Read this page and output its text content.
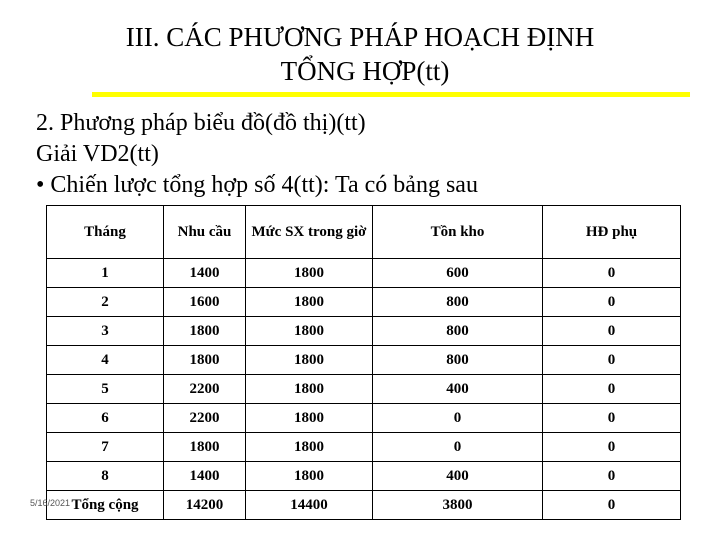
III. CÁC PHƯƠNG PHÁP HOẠCH ĐỊNH
TỔNG HỢP(tt)
2. Phương pháp biểu đồ(đồ thị)(tt)
Giải VD2(tt)
• Chiến lược tổng hợp số 4(tt): Ta có bảng sau
Tháng	Nhu cầu	Mức SX trong giờ	Tồn kho	HĐ phụ
1	1400	1800	600	0
2	1600	1800	800	0
3	1800	1800	800	0
4	1800	1800	800	0
5	2200	1800	400	0
6	2200	1800	0	0
7	1800	1800	0	0
8	1400	1800	400	0
Tổng cộng	14200	14400	3800	0
5/16/2021
